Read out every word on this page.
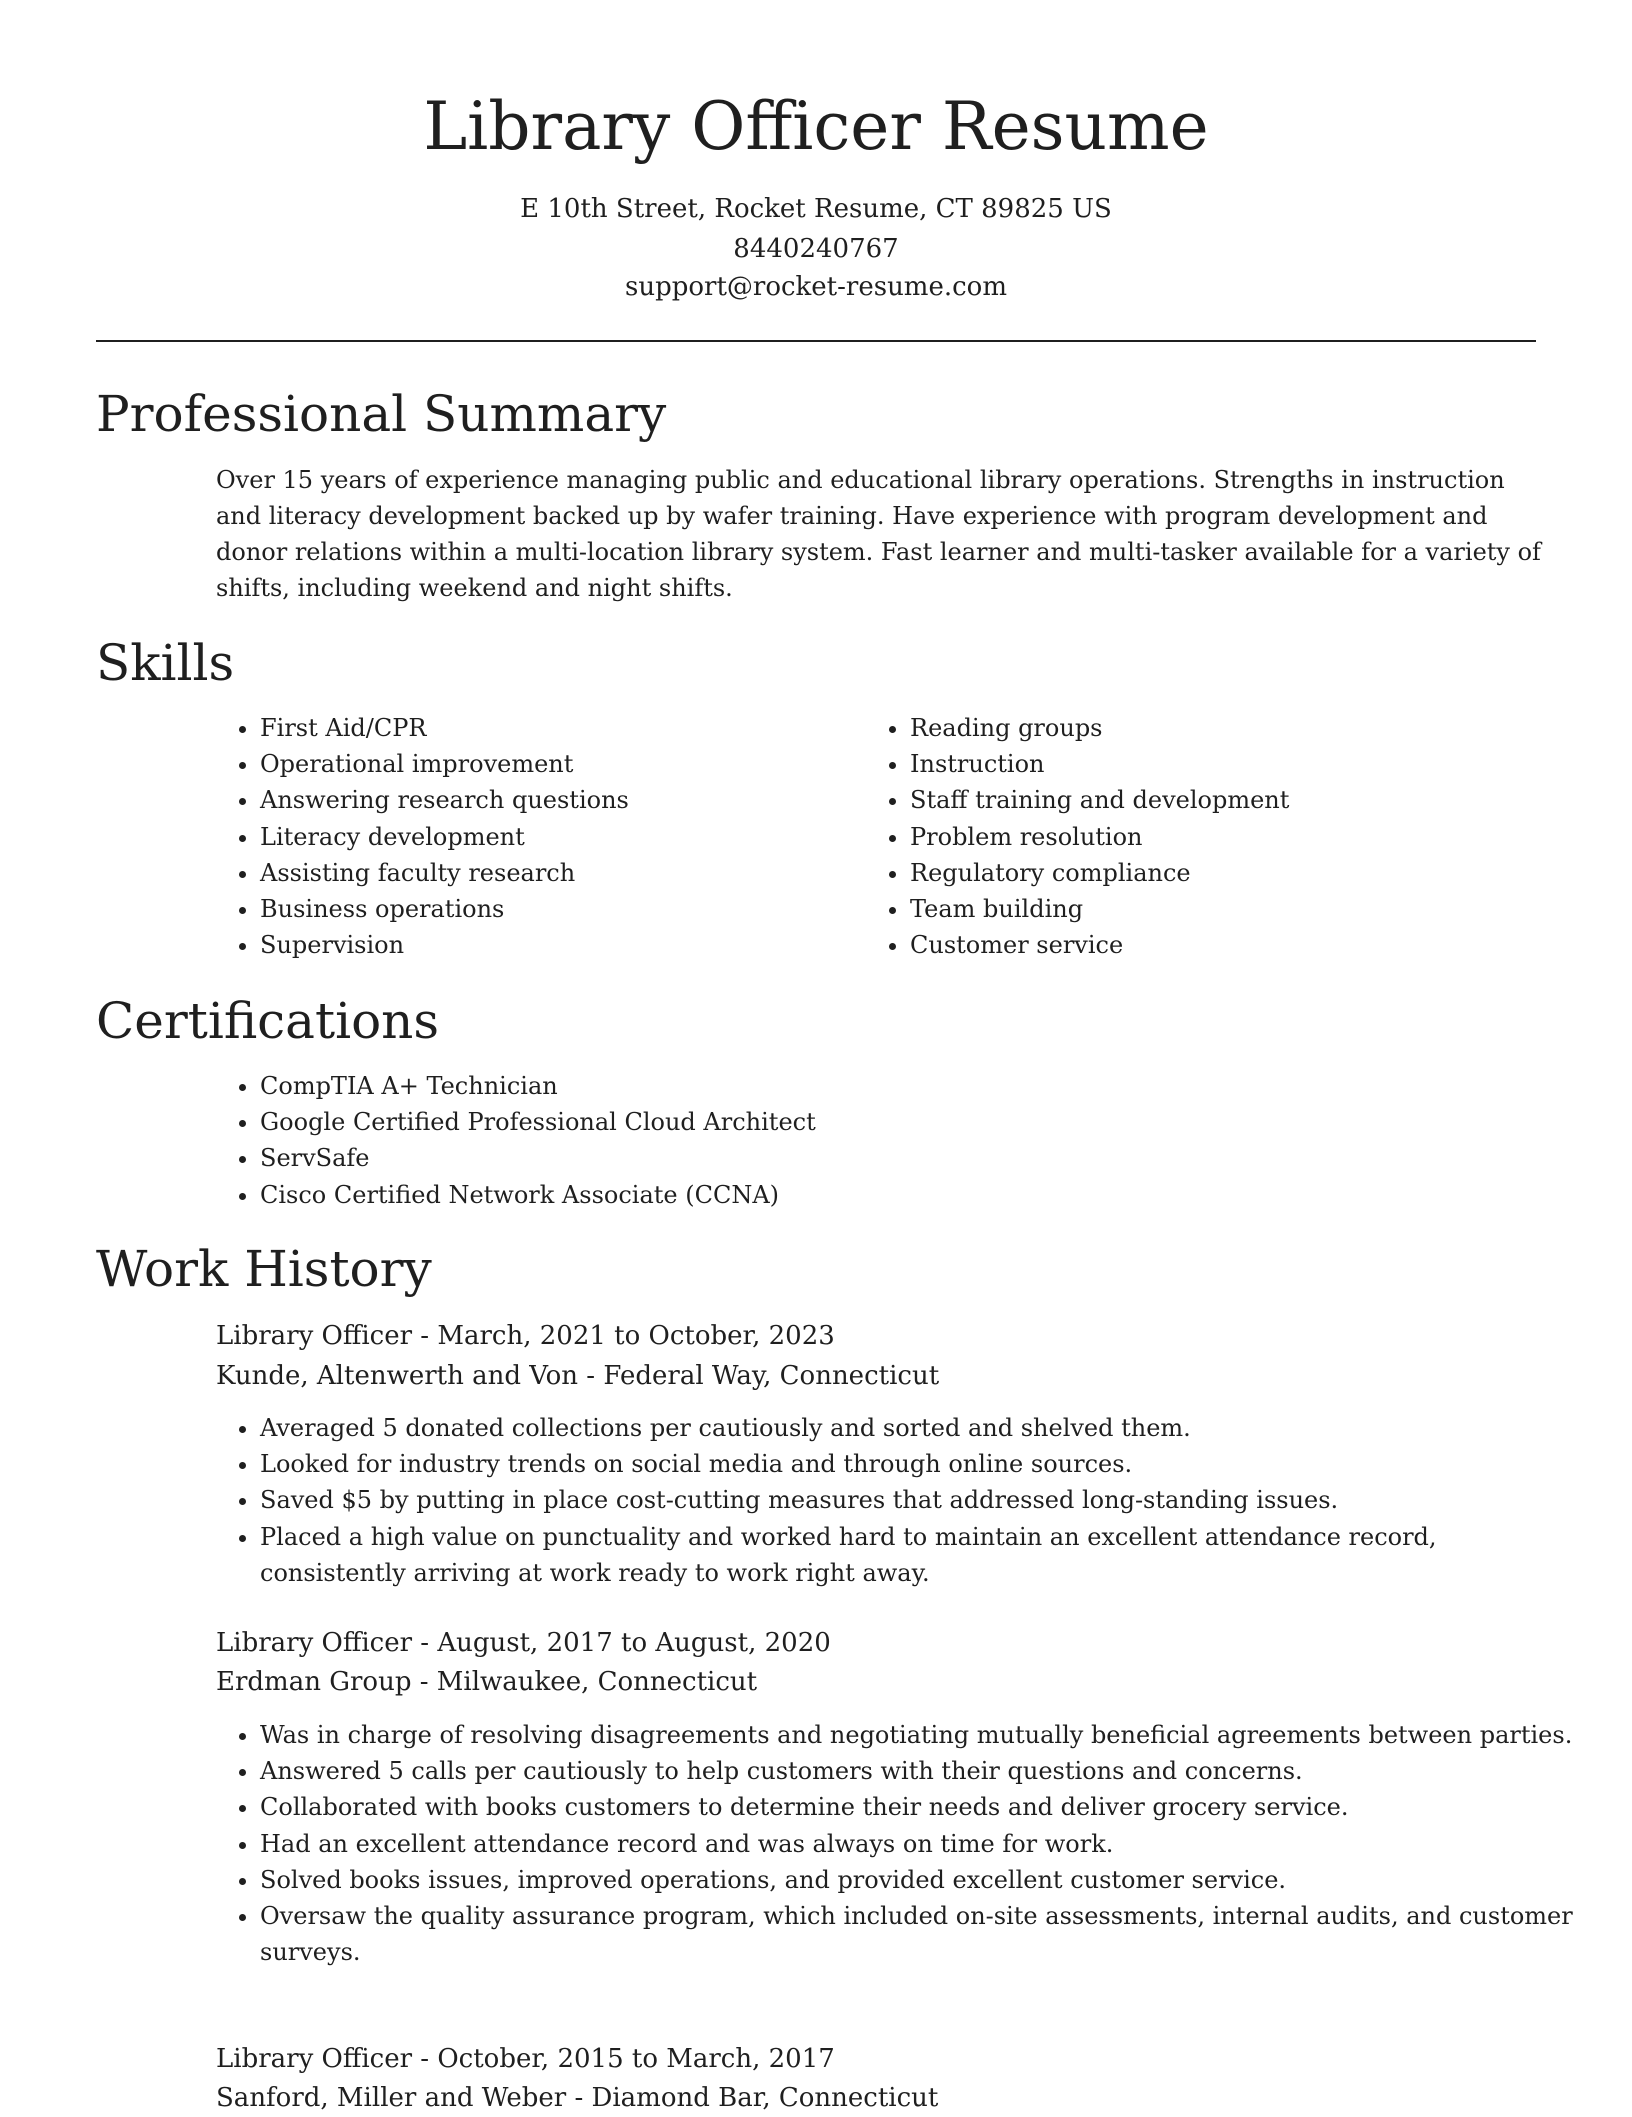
Library Officer Resume

E 10th Street, Rocket Resume, CT 89825 US

8440240767

support@rocket-resume.com

Professional Summary

Over 15 years of experience managing public and educational library operations. Strengths in instruction and literacy development backed up by wafer training. Have experience with program development and donor relations within a multi-location library system. Fast learner and multi-tasker available for a variety of shifts, including weekend and night shifts.

Skills
• First Aid/CPR
• Operational improvement
• Answering research questions
• Literacy development
• Assisting faculty research
• Business operations
• Supervision
• Reading groups
• Instruction
• Staff training and development
• Problem resolution
• Regulatory compliance
• Team building
• Customer service
Certifications
• CompTIA A+ Technician
• Google Certified Professional Cloud Architect
• ServSafe
• Cisco Certified Network Associate (CCNA)
Work History

Library Officer - March, 2021 to October, 2023

Kunde, Altenwerth and Von - Federal Way, Connecticut

• Averaged 5 donated collections per cautiously and sorted and shelved them.
• Looked for industry trends on social media and through online sources.
• Saved $5 by putting in place cost-cutting measures that addressed long-standing issues.
• Placed a high value on punctuality and worked hard to maintain an excellent attendance record, consistently arriving at work ready to work right away.

Library Officer - August, 2017 to August, 2020

Erdman Group - Milwaukee, Connecticut

• Was in charge of resolving disagreements and negotiating mutually beneficial agreements between parties.
• Answered 5 calls per cautiously to help customers with their questions and concerns.
• Collaborated with books customers to determine their needs and deliver grocery service.
• Had an excellent attendance record and was always on time for work.
• Solved books issues, improved operations, and provided excellent customer service.
• Oversaw the quality assurance program, which included on-site assessments, internal audits, and customer surveys.

Library Officer - October, 2015 to March, 2017

Sanford, Miller and Weber - Diamond Bar, Connecticut
